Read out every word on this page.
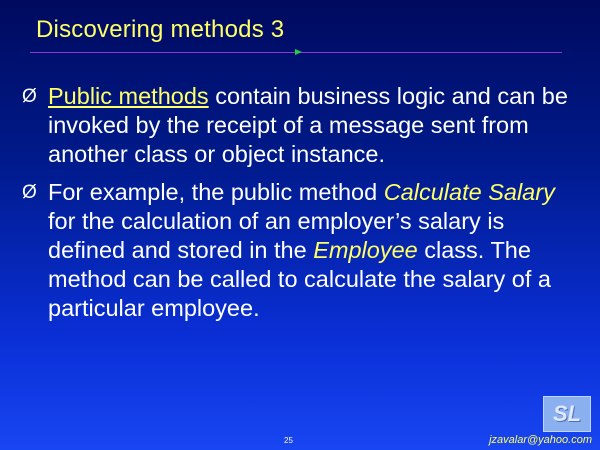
Discovering methods 3
Ø Public methods contain business logic and can be invoked by the receipt of a message sent from another class or object instance.
Ø For example, the public method Calculate Salary for the calculation of an employer’s salary is defined and stored in the Employee class. The method can be called to calculate the salary of a particular employee.
SL
25	jzavalar@yahoo.com
